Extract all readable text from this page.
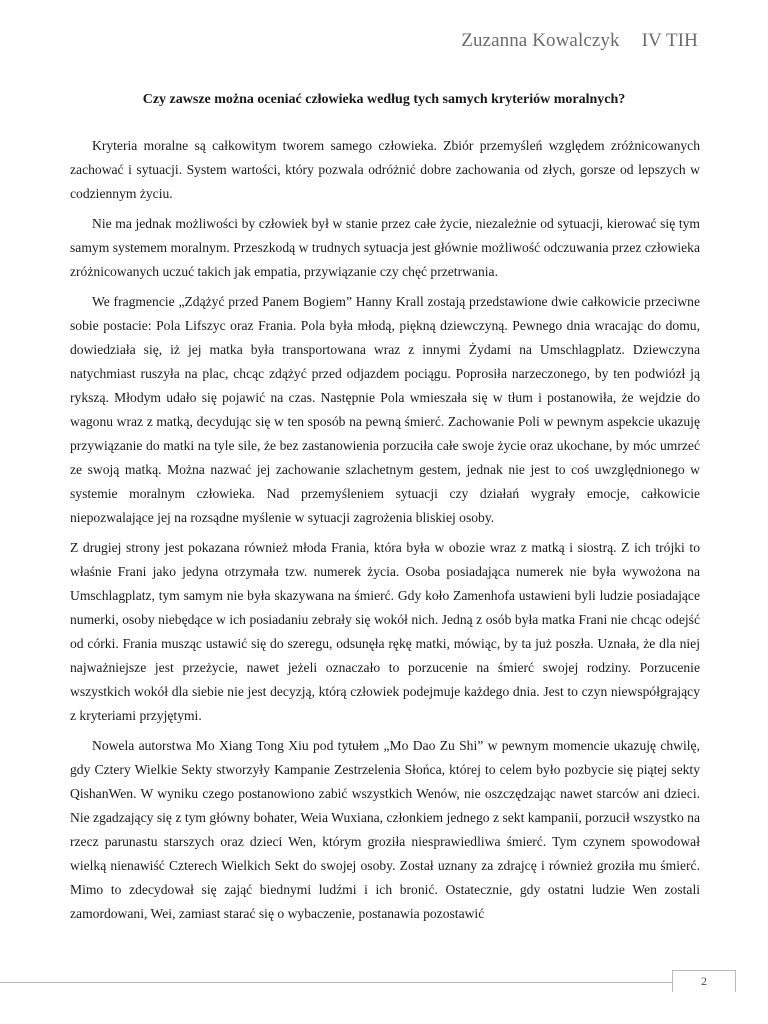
Zuzanna Kowalczyk IV TIH
Czy zawsze można oceniać człowieka według tych samych kryteriów moralnych?

Kryteria moralne są całkowitym tworem samego człowieka. Zbiór przemyśleń względem zróżnicowanych zachować i sytuacji. System wartości, który pozwala odróżnić dobre zachowania od złych, gorsze od lepszych w codziennym życiu.

Nie ma jednak możliwości by człowiek był w stanie przez całe życie, niezależnie od sytuacji, kierować się tym samym systemem moralnym. Przeszkodą w trudnych sytuacja jest głównie możliwość odczuwania przez człowieka zróżnicowanych uczuć takich jak empatia, przywiązanie czy chęć przetrwania.

We fragmencie „Zdążyć przed Panem Bogiem” Hanny Krall zostają przedstawione dwie całkowicie przeciwne sobie postacie: Pola Lifszyc oraz Frania. Pola była młodą, piękną dziewczyną. Pewnego dnia wracając do domu, dowiedziała się, iż jej matka była transportowana wraz z innymi Żydami na Umschlagplatz. Dziewczyna natychmiast ruszyła na plac, chcąc zdążyć przed odjazdem pociągu. Poprosiła narzeczonego, by ten podwiózł ją rykszą. Młodym udało się pojawić na czas. Następnie Pola wmieszała się w tłum i postanowiła, że wejdzie do wagonu wraz z matką, decydując się w ten sposób na pewną śmierć. Zachowanie Poli w pewnym aspekcie ukazuję przywiązanie do matki na tyle sile, że bez zastanowienia porzuciła całe swoje życie oraz ukochane, by móc umrzeć ze swoją matką. Można nazwać jej zachowanie szlachetnym gestem, jednak nie jest to coś uwzględnionego w systemie moralnym człowieka. Nad przemyśleniem sytuacji czy działań wygrały emocje, całkowicie niepozwalające jej na rozsądne myślenie w sytuacji zagrożenia bliskiej osoby.

Z drugiej strony jest pokazana również młoda Frania, która była w obozie wraz z matką i siostrą. Z ich trójki to właśnie Frani jako jedyna otrzymała tzw. numerek życia. Osoba posiadająca numerek nie była wywożona na Umschlagplatz, tym samym nie była skazywana na śmierć. Gdy koło Zamenhofa ustawieni byli ludzie posiadające numerki, osoby niebędące w ich posiadaniu zebrały się wokół nich. Jedną z osób była matka Frani nie chcąc odejść od córki. Frania musząc ustawić się do szeregu, odsunęła rękę matki, mówiąc, by ta już poszła. Uznała, że dla niej najważniejsze jest przeżycie, nawet jeżeli oznaczało to porzucenie na śmierć swojej rodziny. Porzucenie wszystkich wokół dla siebie nie jest decyzją, którą człowiek podejmuje każdego dnia. Jest to czyn niewspółgrający z kryteriami przyjętymi.

Nowela autorstwa Mo Xiang Tong Xiu pod tytułem „Mo Dao Zu Shi” w pewnym momencie ukazuję chwilę, gdy Cztery Wielkie Sekty stworzyły Kampanie Zestrzelenia Słońca, której to celem było pozbycie się piątej sekty QishanWen. W wyniku czego postanowiono zabić wszystkich Wenów, nie oszczędzając nawet starców ani dzieci. Nie zgadzający się z tym główny bohater, Weia Wuxiana, członkiem jednego z sekt kampanii, porzucił wszystko na rzecz parunastu starszych oraz dzieci Wen, którym groziła niesprawiedliwa śmierć. Tym czynem spowodował wielką nienawiść Czterech Wielkich Sekt do swojej osoby. Został uznany za zdrajcę i również groziła mu śmierć. Mimo to zdecydował się zająć biednymi ludźmi i ich bronić. Ostatecznie, gdy ostatni ludzie Wen zostali zamordowani, Wei, zamiast starać się o wybaczenie, postanawia pozostawić

2
